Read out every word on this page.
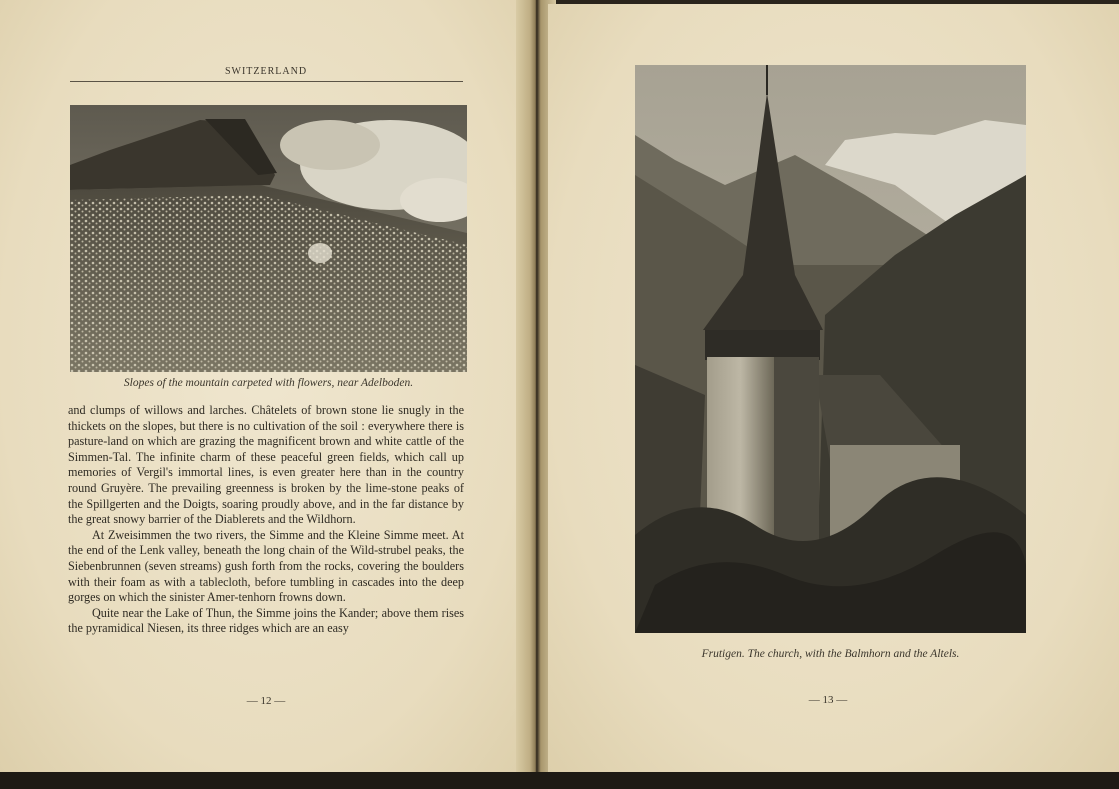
SWITZERLAND
Slopes of the mountain carpeted with flowers, near Adelboden.

and clumps of willows and larches. Châtelets of brown stone lie snugly in the thickets on the slopes, but there is no cultivation of the soil : everywhere there is pasture-land on which are grazing the magnificent brown and white cattle of the Simmen-Tal. The infinite charm of these peaceful green fields, which call up memories of Vergil's immortal lines, is even greater here than in the country round Gruyère. The prevailing greenness is broken by the lime-stone peaks of the Spillgerten and the Doigts, soaring proudly above, and in the far distance by the great snowy barrier of the Diablerets and the Wildhorn.

At Zweisimmen the two rivers, the Simme and the Kleine Simme meet. At the end of the Lenk valley, beneath the long chain of the Wild-strubel peaks, the Siebenbrunnen (seven streams) gush forth from the rocks, covering the boulders with their foam as with a tablecloth, before tumbling in cascades into the deep gorges on which the sinister Amer-tenhorn frowns down.

Quite near the Lake of Thun, the Simme joins the Kander; above them rises the pyramidical Niesen, its three ridges which are an easy

— 12 —
Frutigen. The church, with the Balmhorn and the Altels.
— 13 —
